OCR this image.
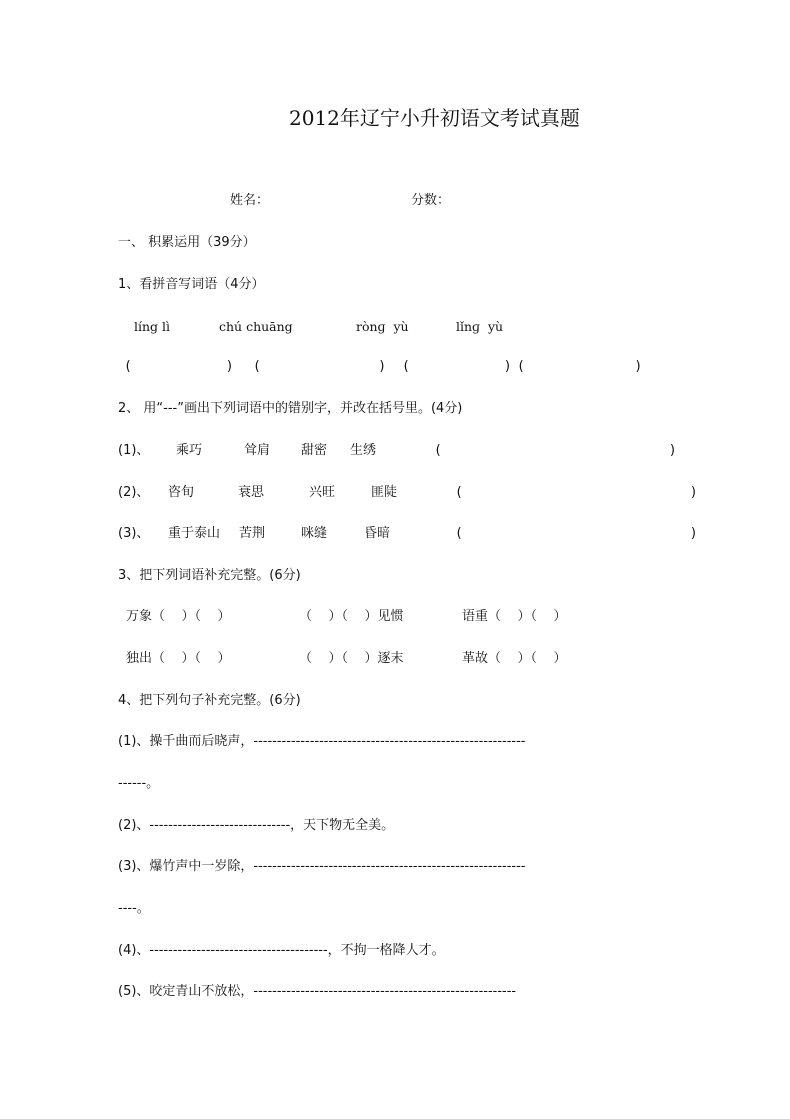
2012年辽宁小升初语文考试真题
姓名：	分数：
一、 积累运用（39分）
1、看拼音写词语（4分）
líng lì	chú chuāng	rònɡ  yù	lǐnɡ  yù
(            ) (               ) (            ) (              )
2、 用“---”画出下列词语中的错别字，并改在括号里。(4分)
(1)、 乘巧	耸肩 甜密 生绣	(                             )
(2)、 咨旬	衰思	兴旺	匪陡	(                             )
(3)、 重于泰山 苦荆	咪缝	昏暗	(                             )
3、把下列词语补充完整。(6分)
万象（    ）（    ）	（    ）（    ）见惯	语重（    ）（    ）
独出（    ）（    ）	（    ）（    ）逐末	革故（    ）（    ）
4、把下列句子补充完整。(6分)
(1)、操千曲而后晓声，----------------------------------------------------------
------。
(2)、------------------------------，天下物无全美。
(3)、爆竹声中一岁除，----------------------------------------------------------
----。
(4)、--------------------------------------，不拘一格降人才。
(5)、咬定青山不放松，--------------------------------------------------------
